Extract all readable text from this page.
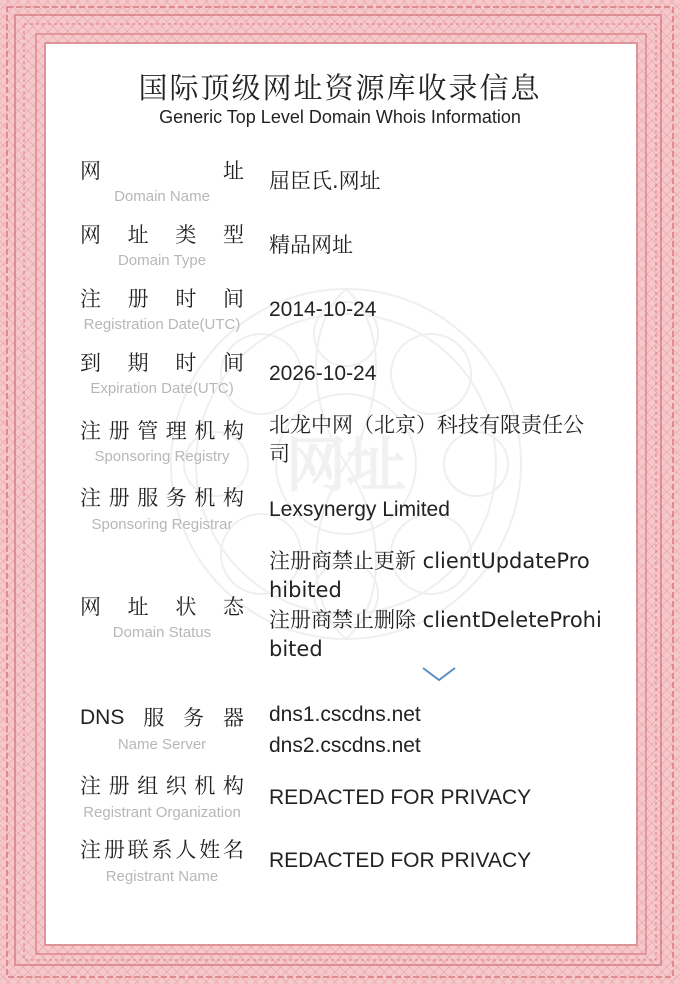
网址
国际顶级网址资源库收录信息
Generic Top Level Domain Whois Information
网	址
Domain Name
屈臣氏.网址
网 址 类 型
Domain Type
精品网址
注 册 时 间
Registration Date(UTC)
2014-10-24
到 期 时 间
Expiration Date(UTC)
2026-10-24
注 册 管 理 机 构
Sponsoring Registry
北龙中网（北京）科技有限责任公司
注 册 服 务 机 构
Sponsoring Registrar
Lexsynergy Limited
网 址 状 态
Domain Status
注册商禁止更新 clientUpdateProhibited
注册商禁止删除 clientDeleteProhibited
DNS 服 务 器
Name Server
dns1.cscdns.net
dns2.cscdns.net
注 册 组 织 机 构
Registrant Organization
REDACTED FOR PRIVACY
注 册 联 系 人 姓 名
Registrant Name
REDACTED FOR PRIVACY
